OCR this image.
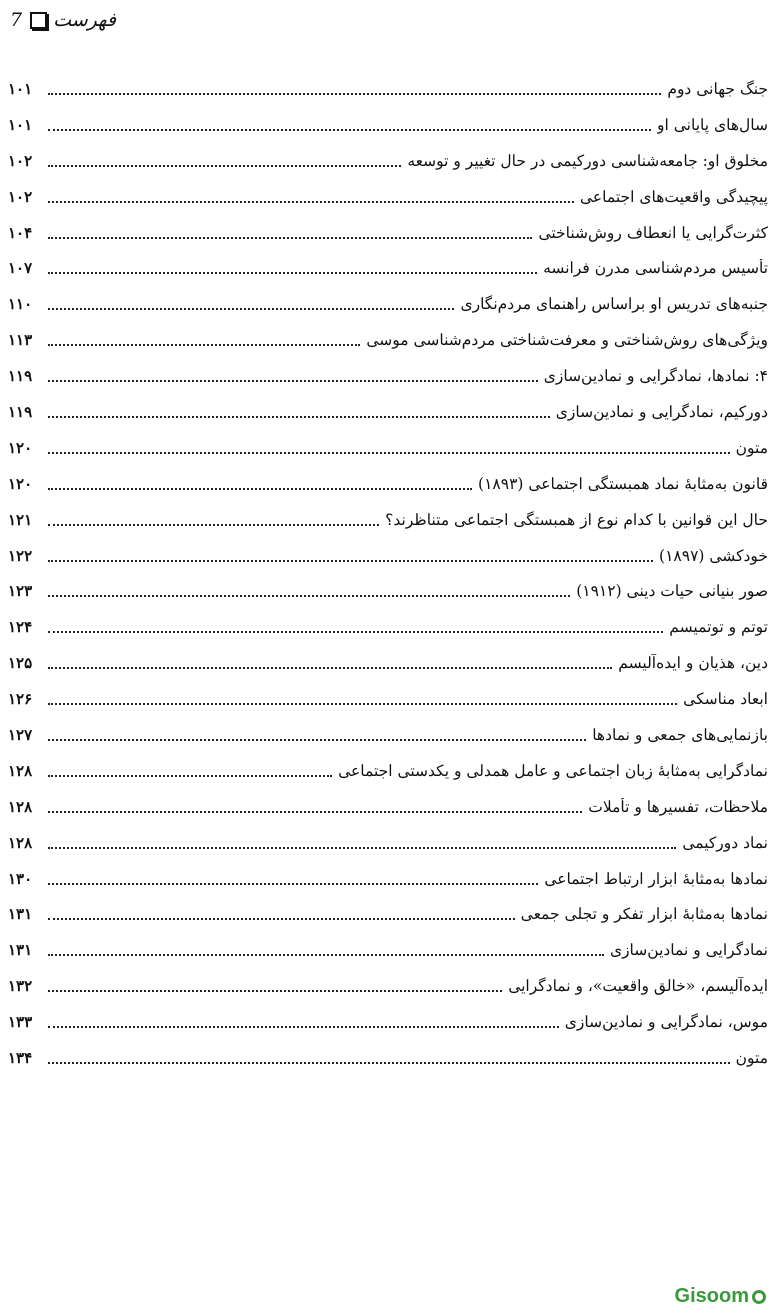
فهرست
7
جنگ جهانی دوم
۱۰۱
سال‌های پایانی او
۱۰۱
مخلوق او: جامعه‌شناسی دورکیمی در حال تغییر و توسعه
۱۰۲
پیچیدگی واقعیت‌های اجتماعی
۱۰۲
کثرت‌گرایی یا انعطاف روش‌شناختی
۱۰۴
تأسیس مردم‌شناسی مدرن فرانسه
۱۰۷
جنبه‌های تدریس او براساس راهنمای مردم‌نگاری
۱۱۰
ویژگی‌های روش‌شناختی و معرفت‌شناختی مردم‌شناسی موسی
۱۱۳
۴: نمادها، نمادگرایی و نمادین‌سازی
۱۱۹
دورکیم، نمادگرایی و نمادین‌سازی
۱۱۹
متون
۱۲۰
قانون به‌مثابهٔ نماد همبستگی اجتماعی (۱۸۹۳)
۱۲۰
حال این قوانین با کدام نوع از همبستگی اجتماعی متناظرند؟
۱۲۱
خودکشی (۱۸۹۷)
۱۲۲
صور بنیانی حیات دینی (۱۹۱۲)
۱۲۳
توتم و توتمیسم
۱۲۴
دین، هذیان و ایده‌آلیسم
۱۲۵
ابعاد مناسکی
۱۲۶
بازنمایی‌های جمعی و نمادها
۱۲۷
نمادگرایی به‌مثابهٔ زبان اجتماعی و عامل همدلی و یکدستی اجتماعی
۱۲۸
ملاحظات، تفسیرها و تأملات
۱۲۸
نماد دورکیمی
۱۲۸
نمادها به‌مثابهٔ ابزار ارتباط اجتماعی
۱۳۰
نمادها به‌مثابهٔ ابزار تفکر و تجلی جمعی
۱۳۱
نمادگرایی و نمادین‌سازی
۱۳۱
ایده‌آلیسم، «خالق واقعیت»، و نمادگرایی
۱۳۲
موس، نمادگرایی و نمادین‌سازی
۱۳۳
متون
۱۳۴
Gisoom
